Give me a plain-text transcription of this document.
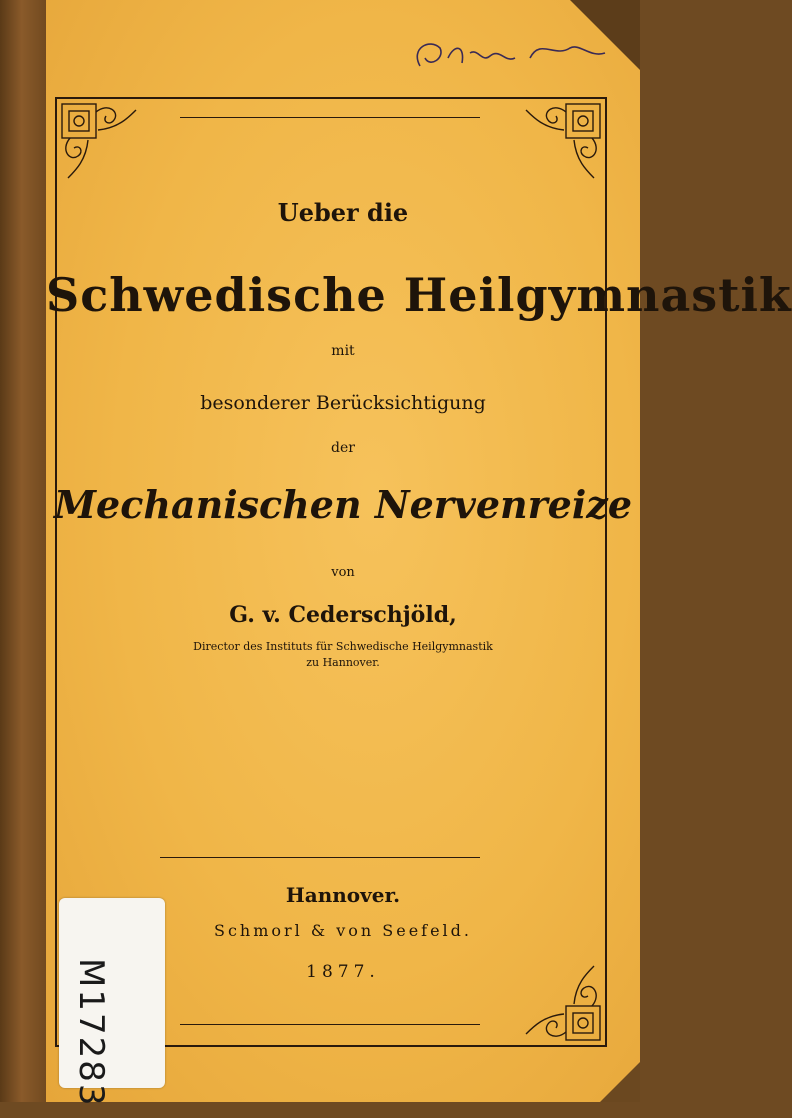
Ueber die
Schwedische Heilgymnastik
mit
besonderer Berücksichtigung
der
Mechanischen Nervenreize
von
G. v. Cederschjöld,
Director des Instituts für Schwedische Heilgymnastik
zu Hannover.
Hannover.
Schmorl & von Seefeld.
1877.
M17283
